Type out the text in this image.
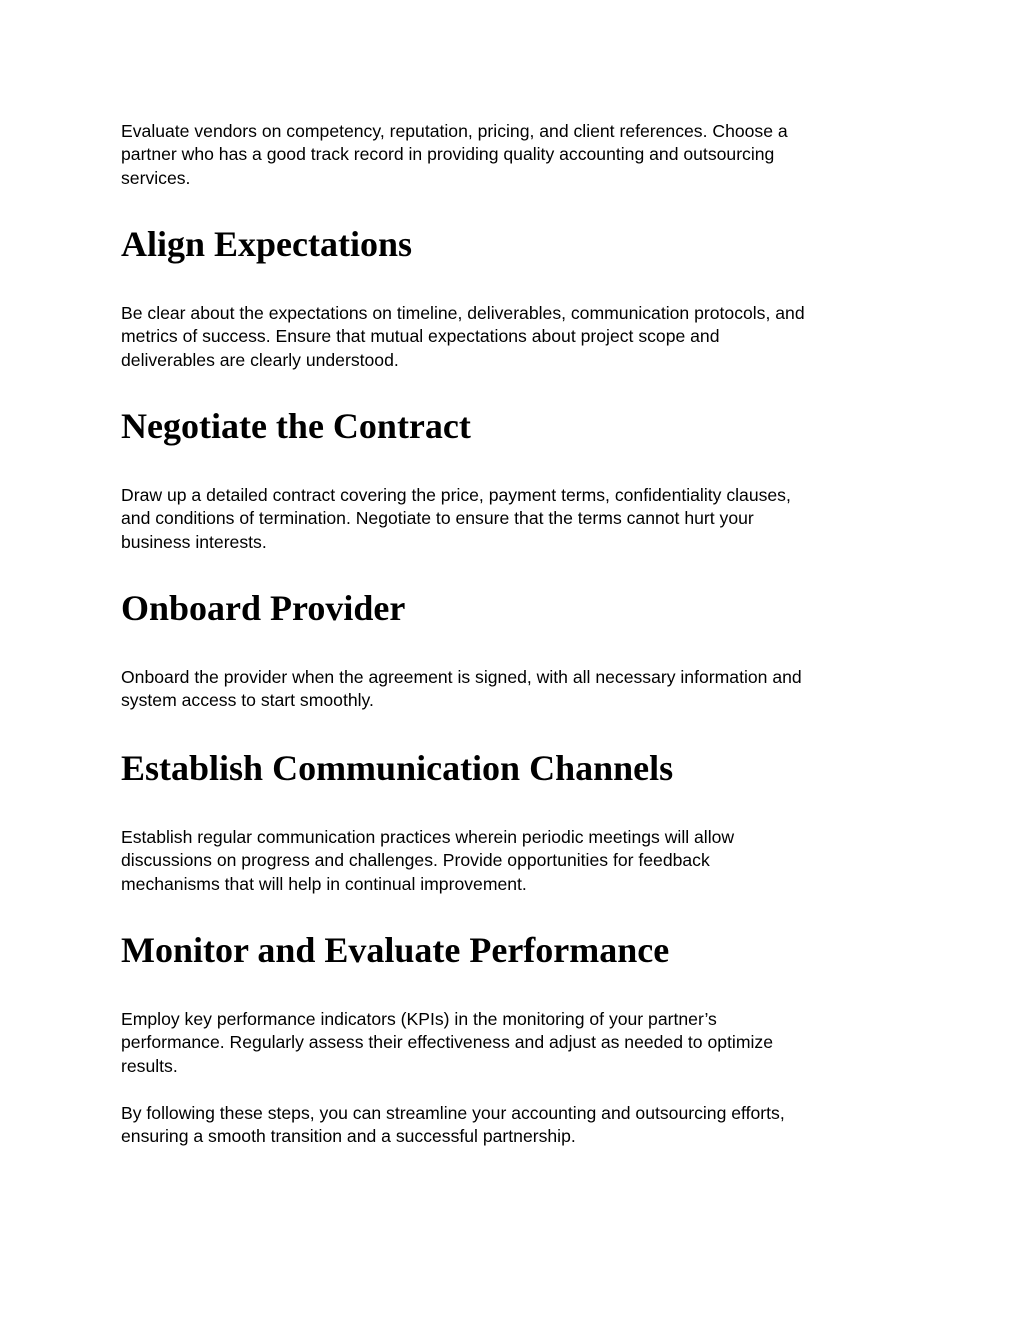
Evaluate vendors on competency, reputation, pricing, and client references. Choose a
partner who has a good track record in providing quality accounting and outsourcing
services.

Align Expectations

Be clear about the expectations on timeline, deliverables, communication protocols, and
metrics of success. Ensure that mutual expectations about project scope and
deliverables are clearly understood.

Negotiate the Contract

Draw up a detailed contract covering the price, payment terms, confidentiality clauses,
and conditions of termination. Negotiate to ensure that the terms cannot hurt your
business interests.

Onboard Provider

Onboard the provider when the agreement is signed, with all necessary information and
system access to start smoothly.

Establish Communication Channels

Establish regular communication practices wherein periodic meetings will allow
discussions on progress and challenges. Provide opportunities for feedback
mechanisms that will help in continual improvement.

Monitor and Evaluate Performance

Employ key performance indicators (KPIs) in the monitoring of your partner’s
performance. Regularly assess their effectiveness and adjust as needed to optimize
results.

By following these steps, you can streamline your accounting and outsourcing efforts,
ensuring a smooth transition and a successful partnership.
